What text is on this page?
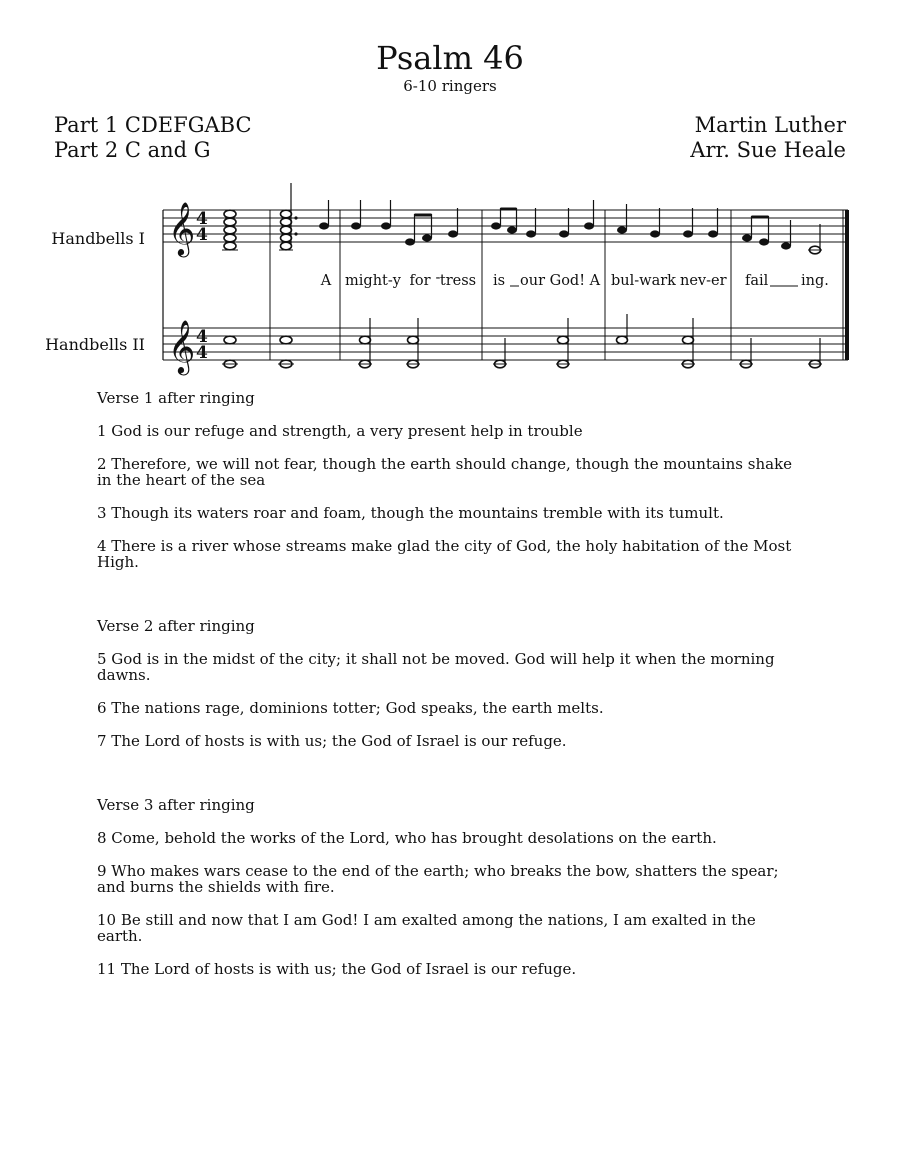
Psalm 46
6-10 ringers
Part 1 CDEFGABC
Part 2 C and G
Martin Luther
Arr. Sue Heale
Handbells I
Handbells II
𝄞
𝄞
4
4
4
4
A might-y for - tress is our God! A bul-wark nev-er fail ing.

Verse 1 after ringing

1 God is our refuge and strength, a very present help in trouble

2 Therefore, we will not fear, though the earth should change, though the mountains shake in the heart of the sea

3 Though its waters roar and foam, though the mountains tremble with its tumult.

4 There is a river whose streams make glad the city of God, the holy habitation of the Most High.

Verse 2 after ringing

5 God is in the midst of the city; it shall not be moved. God will help it when the morning dawns.

6 The nations rage, dominions totter; God speaks, the earth melts.

7 The Lord of hosts is with us; the God of Israel is our refuge.

Verse 3 after ringing

8 Come, behold the works of the Lord, who has brought desolations on the earth.

9 Who makes wars cease to the end of the earth; who breaks the bow, shatters the spear; and burns the shields with fire.

10 Be still and now that I am God! I am exalted among the nations, I am exalted in the earth.

11 The Lord of hosts is with us; the God of Israel is our refuge.
